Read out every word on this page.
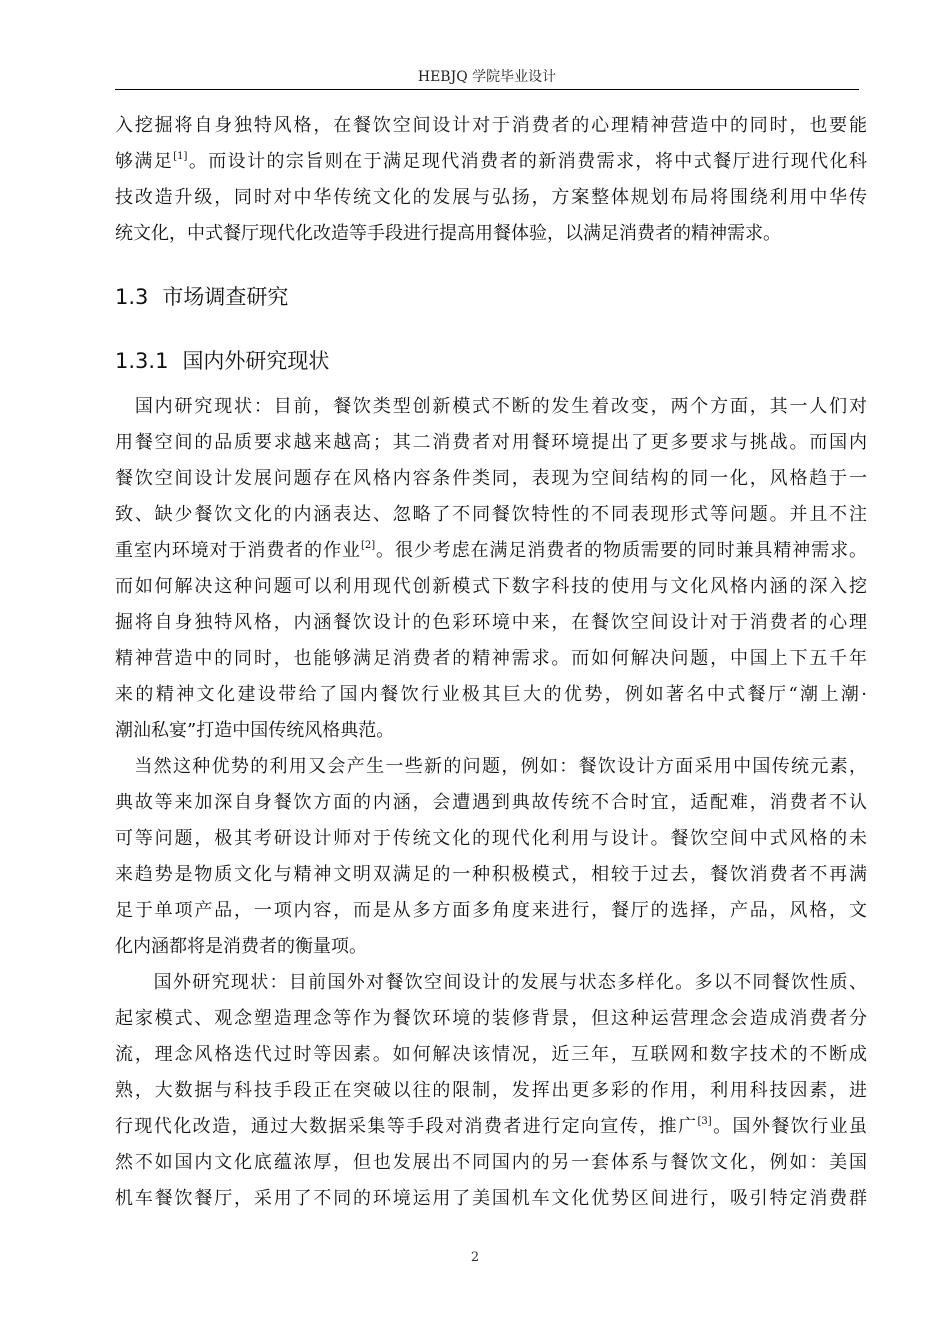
HEBJQ 学院毕业设计
入挖掘将自身独特风格，在餐饮空间设计对于消费者的心理精神营造中的同时，也要能
够满足[1]。而设计的宗旨则在于满足现代消费者的新消费需求，将中式餐厅进行现代化科
技改造升级，同时对中华传统文化的发展与弘扬，方案整体规划布局将围绕利用中华传
统文化，中式餐厅现代化改造等手段进行提高用餐体验，以满足消费者的精神需求。
1.3 市场调查研究
1.3.1 国内外研究现状
　国内研究现状：目前，餐饮类型创新模式不断的发生着改变，两个方面，其一人们对
用餐空间的品质要求越来越高；其二消费者对用餐环境提出了更多要求与挑战。而国内
餐饮空间设计发展问题存在风格内容条件类同，表现为空间结构的同一化，风格趋于一
致、缺少餐饮文化的内涵表达、忽略了不同餐饮特性的不同表现形式等问题。并且不注
重室内环境对于消费者的作业[2]。很少考虑在满足消费者的物质需要的同时兼具精神需求。
而如何解决这种问题可以利用现代创新模式下数字科技的使用与文化风格内涵的深入挖
掘将自身独特风格，内涵餐饮设计的色彩环境中来，在餐饮空间设计对于消费者的心理
精神营造中的同时，也能够满足消费者的精神需求。而如何解决问题，中国上下五千年
来的精神文化建设带给了国内餐饮行业极其巨大的优势，例如著名中式餐厅“潮上潮·
潮汕私宴”打造中国传统风格典范。
　当然这种优势的利用又会产生一些新的问题，例如：餐饮设计方面采用中国传统元素，
典故等来加深自身餐饮方面的内涵，会遭遇到典故传统不合时宜，适配难，消费者不认
可等问题，极其考研设计师对于传统文化的现代化利用与设计。餐饮空间中式风格的未
来趋势是物质文化与精神文明双满足的一种积极模式，相较于过去，餐饮消费者不再满
足于单项产品，一项内容，而是从多方面多角度来进行，餐厅的选择，产品，风格，文
化内涵都将是消费者的衡量项。
　　国外研究现状：目前国外对餐饮空间设计的发展与状态多样化。多以不同餐饮性质、
起家模式、观念塑造理念等作为餐饮环境的装修背景，但这种运营理念会造成消费者分
流，理念风格迭代过时等因素。如何解决该情况，近三年，互联网和数字技术的不断成
熟，大数据与科技手段正在突破以往的限制，发挥出更多彩的作用，利用科技因素，进
行现代化改造，通过大数据采集等手段对消费者进行定向宣传，推广[3]。国外餐饮行业虽
然不如国内文化底蕴浓厚，但也发展出不同国内的另一套体系与餐饮文化，例如：美国
机车餐饮餐厅，采用了不同的环境运用了美国机车文化优势区间进行，吸引特定消费群
2
